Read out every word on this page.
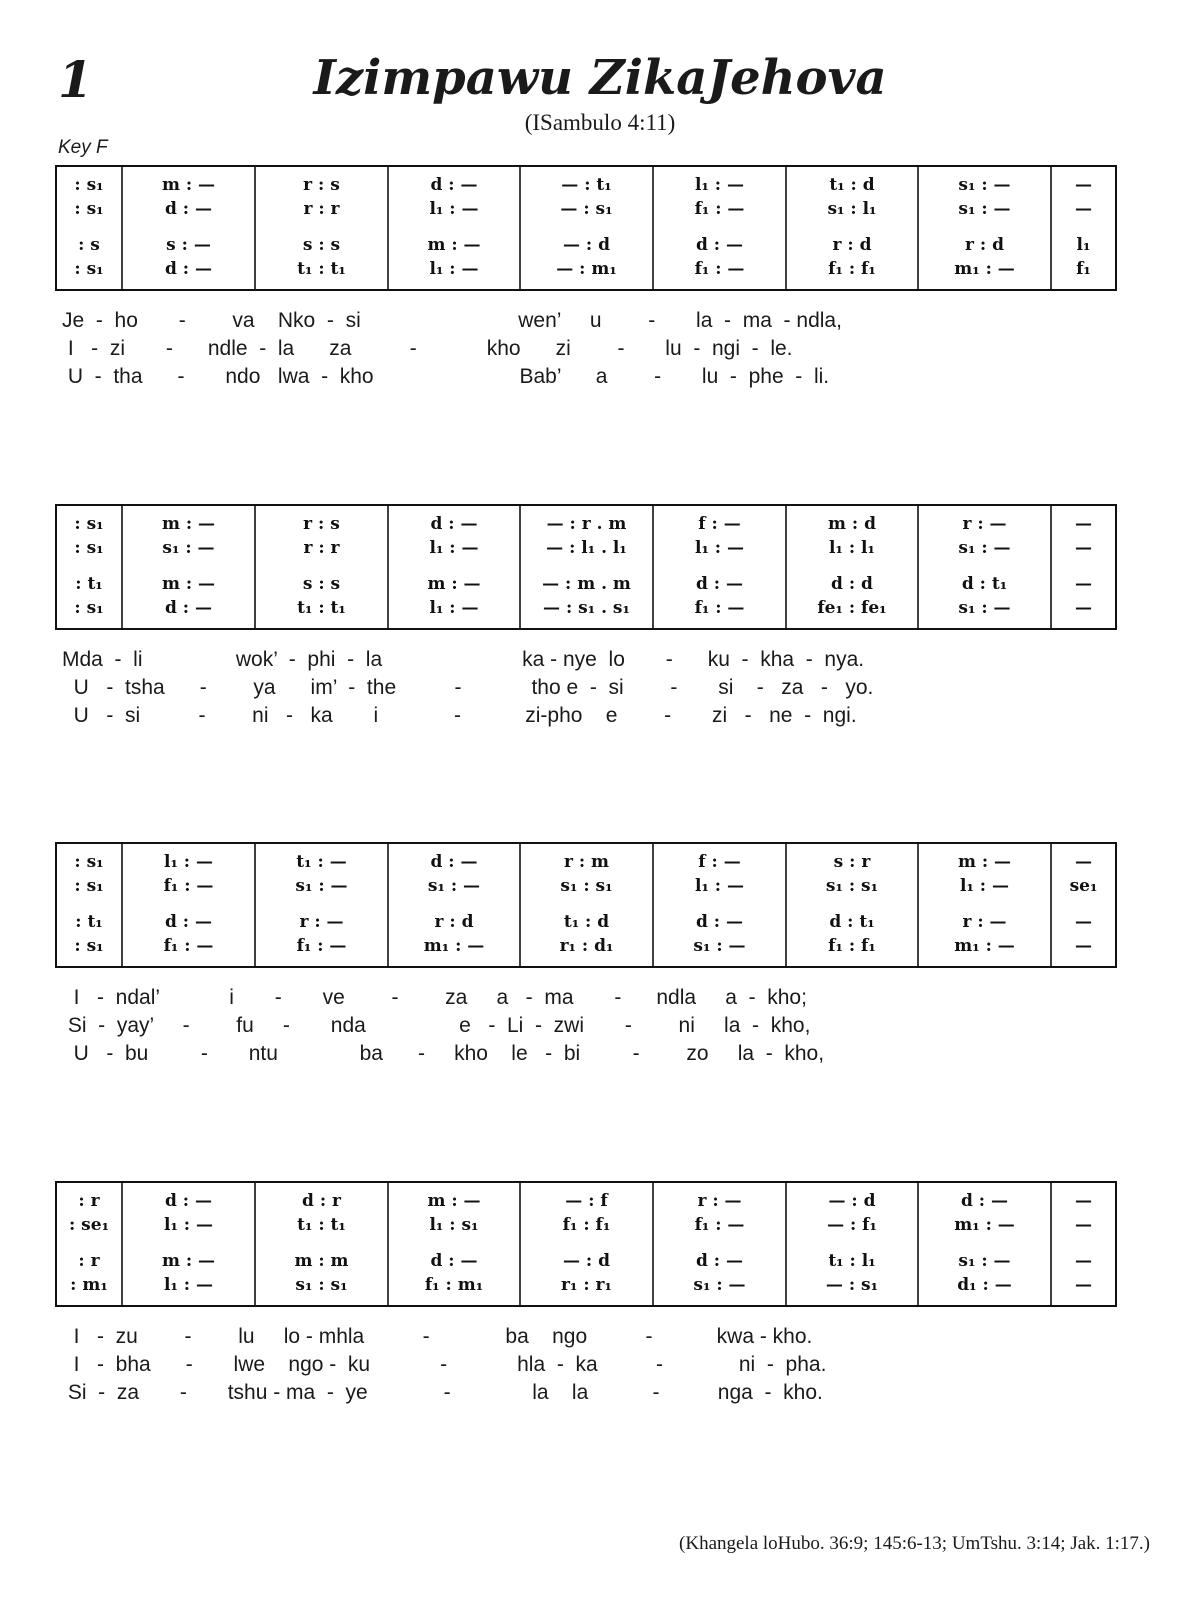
1	Izimpawu ZikaJehova
(ISambulo 4:11)
Key F
: s₁	m : —	r : s	d : —	— : t₁	l₁ : —	t₁ : d	s₁ : —	—
: s₁	d : —	r : r	l₁ : —	— : s₁	f₁ : —	s₁ : l₁	s₁ : —	—
: s	s : —	s : s	m : —	— : d	d : —	r : d	r : d	l₁
: s₁	d : —	t₁ : t₁	l₁ : —	— : m₁	f₁ : —	f₁ : f₁	m₁ : —	f₁
: s₁	m : —	r : s	d : —	— : r . m	f : —	m : d	r : —	—
: s₁	s₁ : —	r : r	l₁ : —	— : l₁ . l₁	l₁ : —	l₁ : l₁	s₁ : —	—
: t₁	m : —	s : s	m : —	— : m . m	d : —	d : d	d : t₁	—
: s₁	d : —	t₁ : t₁	l₁ : —	— : s₁ . s₁	f₁ : —	fe₁ : fe₁	s₁ : —	—
: s₁	l₁ : —	t₁ : —	d : —	r : m	f : —	s : r	m : —	—
: s₁	f₁ : —	s₁ : —	s₁ : —	s₁ : s₁	l₁ : —	s₁ : s₁	l₁ : —	se₁
: t₁	d : —	r : —	r : d	t₁ : d	d : —	d : t₁	r : —	—
: s₁	f₁ : —	f₁ : —	m₁ : —	r₁ : d₁	s₁ : —	f₁ : f₁	m₁ : —	—
: r	d : —	d : r	m : —	— : f	r : —	— : d	d : —	—
: se₁	l₁ : —	t₁ : t₁	l₁ : s₁	f₁ : f₁	f₁ : —	— : f₁	m₁ : —	—
: r	m : —	m : m	d : —	— : d	d : —	t₁ : l₁	s₁ : —	—
: m₁	l₁ : —	s₁ : s₁	f₁ : m₁	r₁ : r₁	s₁ : —	— : s₁	d₁ : —	—
Je  -  ho       -        va    Nko  -  si                           wen’     u        -       la  -  ma  - ndla,
I   -  zi       -      ndle  -  la      za          -            kho      zi        -       lu  -  ngi  -  le.
U  -  tha      -       ndo   lwa  -  kho                         Bab’      a        -       lu  -  phe  -  li.
Mda  -  li                wok’  -  phi  -  la                        ka - nye  lo       -      ku  -  kha  -  nya.
U   -  tsha      -        ya      im’  -  the          -            tho e  -  si        -       si    -   za   -   yo.
U   -  si          -        ni   -   ka       i             -           zi-pho    e        -       zi   -   ne  -  ngi.
I   -  ndal’            i       -       ve        -        za     a   -  ma       -      ndla     a  -  kho;
Si  -  yay’     -        fu     -       nda                e   -  Li  -  zwi       -        ni     la  -  kho,
U   -  bu         -       ntu              ba      -     kho    le   -  bi         -        zo     la  -  kho,
I   -  zu        -        lu     lo - mhla          -             ba    ngo          -           kwa - kho.
I   -  bha      -       lwe    ngo -  ku            -            hla  -  ka          -             ni  -  pha.
Si  -  za       -       tshu - ma  -  ye             -              la    la           -          nga  -  kho.
(Khangela loHubo. 36:9; 145:6-13; UmTshu. 3:14; Jak. 1:17.)
